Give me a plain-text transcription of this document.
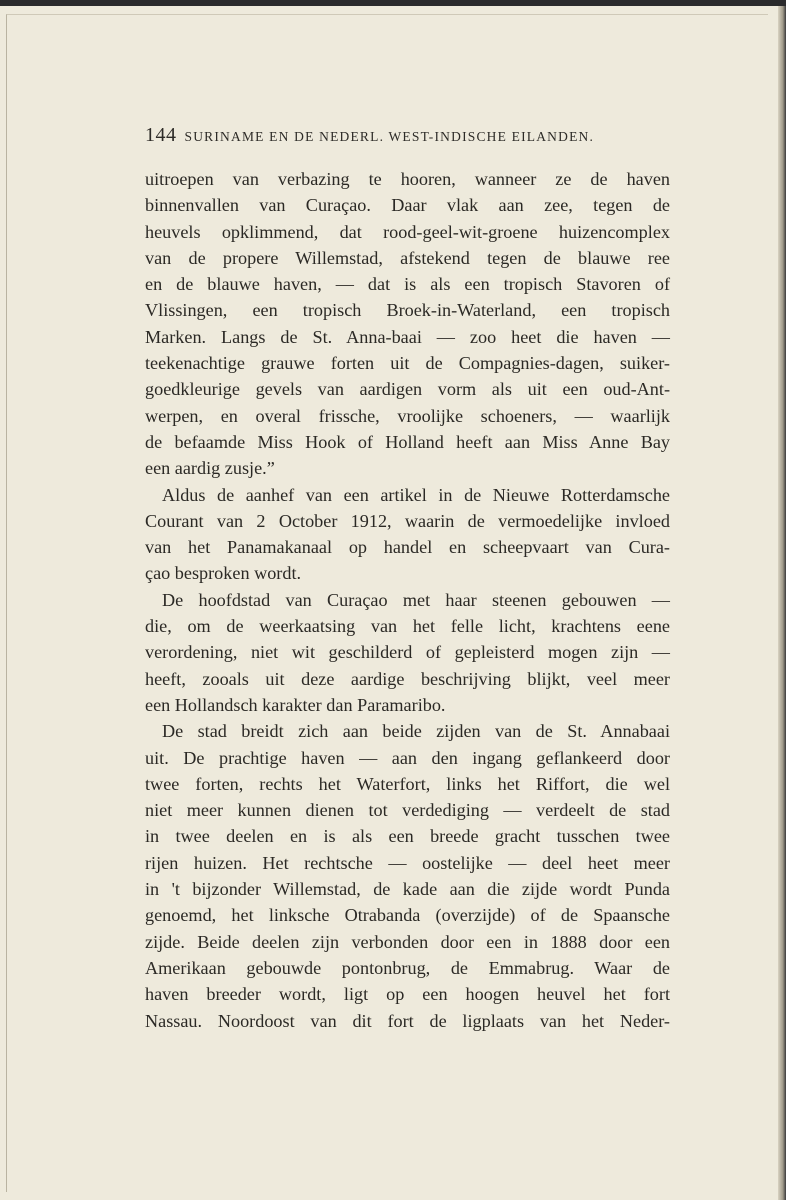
144 SURINAME EN DE NEDERL. WEST-INDISCHE EILANDEN.
uitroepen van verbazing te hooren, wanneer ze de haven
binnenvallen van Curaçao. Daar vlak aan zee, tegen de
heuvels opklimmend, dat rood-geel-wit-groene huizencomplex
van de propere Willemstad, afstekend tegen de blauwe ree
en de blauwe haven, — dat is als een tropisch Stavoren of
Vlissingen, een tropisch Broek-in-Waterland, een tropisch
Marken. Langs de St. Anna-baai — zoo heet die haven —
teekenachtige grauwe forten uit de Compagnies-dagen, suiker-
goedkleurige gevels van aardigen vorm als uit een oud-Ant-
werpen, en overal frissche, vroolijke schoeners, — waarlijk
de befaamde Miss Hook of Holland heeft aan Miss Anne Bay
een aardig zusje.”
Aldus de aanhef van een artikel in de Nieuwe Rotterdamsche
Courant van 2 October 1912, waarin de vermoedelijke invloed
van het Panamakanaal op handel en scheepvaart van Cura-
çao besproken wordt.
De hoofdstad van Curaçao met haar steenen gebouwen —
die, om de weerkaatsing van het felle licht, krachtens eene
verordening, niet wit geschilderd of gepleisterd mogen zijn —
heeft, zooals uit deze aardige beschrijving blijkt, veel meer
een Hollandsch karakter dan Paramaribo.
De stad breidt zich aan beide zijden van de St. Annabaai
uit. De prachtige haven — aan den ingang geflankeerd door
twee forten, rechts het Waterfort, links het Riffort, die wel
niet meer kunnen dienen tot verdediging — verdeelt de stad
in twee deelen en is als een breede gracht tusschen twee
rijen huizen. Het rechtsche — oostelijke — deel heet meer
in 't bijzonder Willemstad, de kade aan die zijde wordt Punda
genoemd, het linksche Otrabanda (overzijde) of de Spaansche
zijde. Beide deelen zijn verbonden door een in 1888 door een
Amerikaan gebouwde pontonbrug, de Emmabrug. Waar de
haven breeder wordt, ligt op een hoogen heuvel het fort
Nassau. Noordoost van dit fort de ligplaats van het Neder-
